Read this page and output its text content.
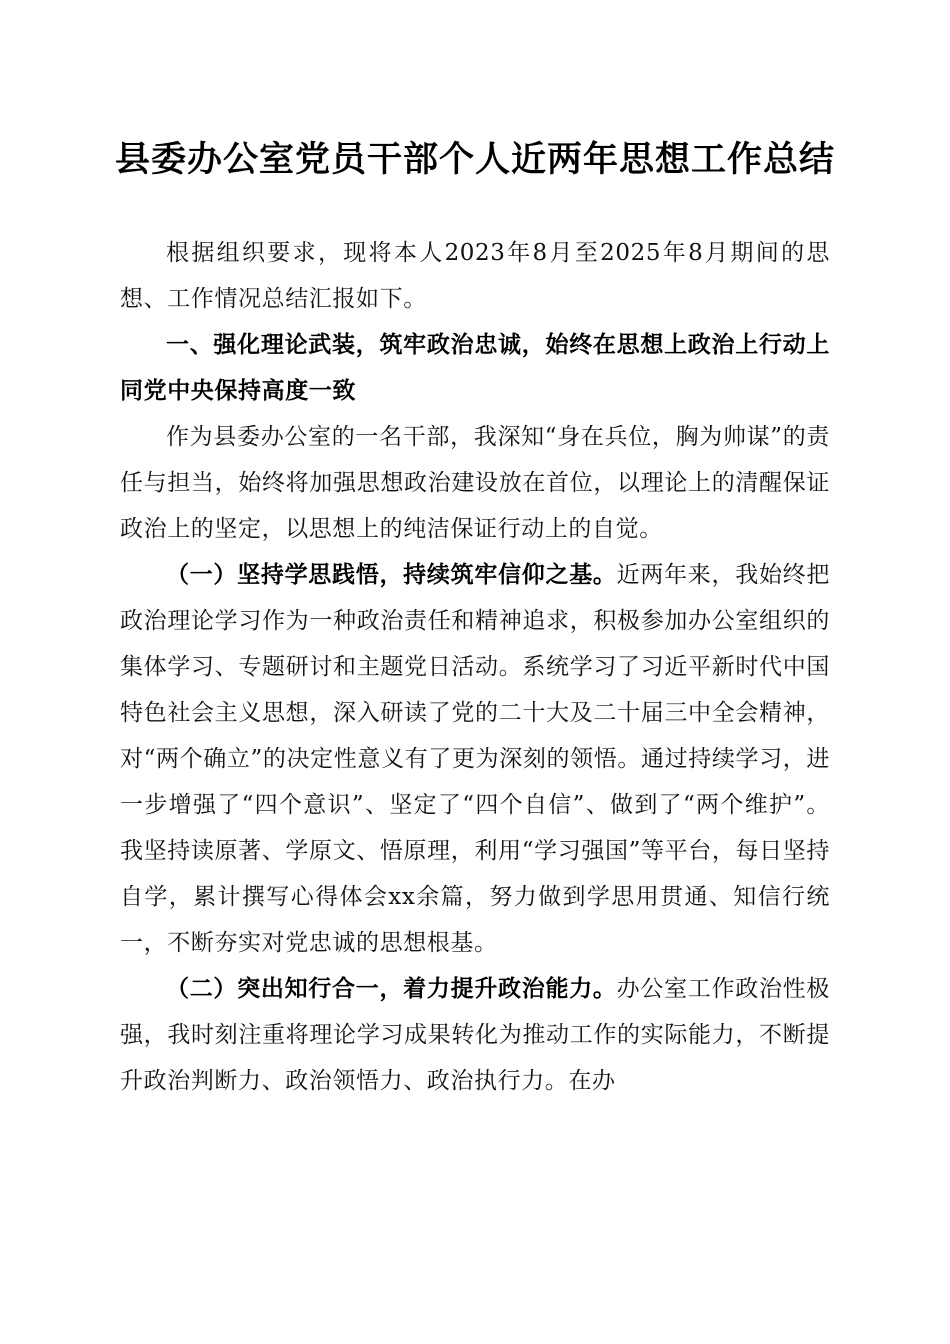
县委办公室党员干部个人近两年思想工作总结

根据组织要求，现将本人2023年8月至2025年8月期间的思想、工作情况总结汇报如下。

一、强化理论武装，筑牢政治忠诚，始终在思想上政治上行动上同党中央保持高度一致

作为县委办公室的一名干部，我深知“身在兵位，胸为帅谋”的责任与担当，始终将加强思想政治建设放在首位，以理论上的清醒保证政治上的坚定，以思想上的纯洁保证行动上的自觉。

（一）坚持学思践悟，持续筑牢信仰之基。近两年来，我始终把政治理论学习作为一种政治责任和精神追求，积极参加办公室组织的集体学习、专题研讨和主题党日活动。系统学习了习近平新时代中国特色社会主义思想，深入研读了党的二十大及二十届三中全会精神，对“两个确立”的决定性意义有了更为深刻的领悟。通过持续学习，进一步增强了“四个意识”、坚定了“四个自信”、做到了“两个维护”。我坚持读原著、学原文、悟原理，利用“学习强国”等平台，每日坚持自学，累计撰写心得体会xx余篇，努力做到学思用贯通、知信行统一，不断夯实对党忠诚的思想根基。

（二）突出知行合一，着力提升政治能力。办公室工作政治性极强，我时刻注重将理论学习成果转化为推动工作的实际能力，不断提升政治判断力、政治领悟力、政治执行力。在办
